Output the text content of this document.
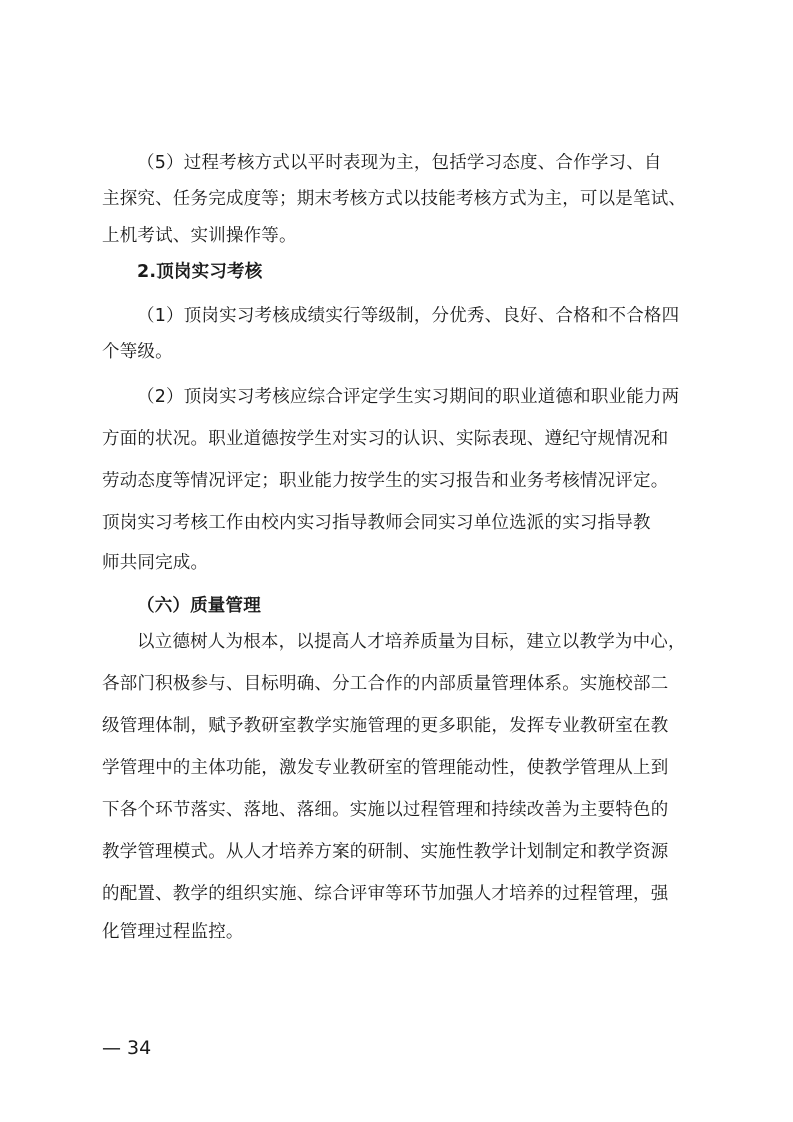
（5）过程考核方式以平时表现为主，包括学习态度、合作学习、自
主探究、任务完成度等；期末考核方式以技能考核方式为主，可以是笔试、
上机考试、实训操作等。
2.顶岗实习考核
（1）顶岗实习考核成绩实行等级制，分优秀、良好、合格和不合格四
个等级。
（2）顶岗实习考核应综合评定学生实习期间的职业道德和职业能力两
方面的状况。职业道德按学生对实习的认识、实际表现、遵纪守规情况和
劳动态度等情况评定；职业能力按学生的实习报告和业务考核情况评定。
顶岗实习考核工作由校内实习指导教师会同实习单位选派的实习指导教
师共同完成。
（六）质量管理
以立德树人为根本，以提高人才培养质量为目标，建立以教学为中心，
各部门积极参与、目标明确、分工合作的内部质量管理体系。实施校部二
级管理体制，赋予教研室教学实施管理的更多职能，发挥专业教研室在教
学管理中的主体功能，激发专业教研室的管理能动性，使教学管理从上到
下各个环节落实、落地、落细。实施以过程管理和持续改善为主要特色的
教学管理模式。从人才培养方案的研制、实施性教学计划制定和教学资源
的配置、教学的组织实施、综合评审等环节加强人才培养的过程管理，强
化管理过程监控。
— 34
